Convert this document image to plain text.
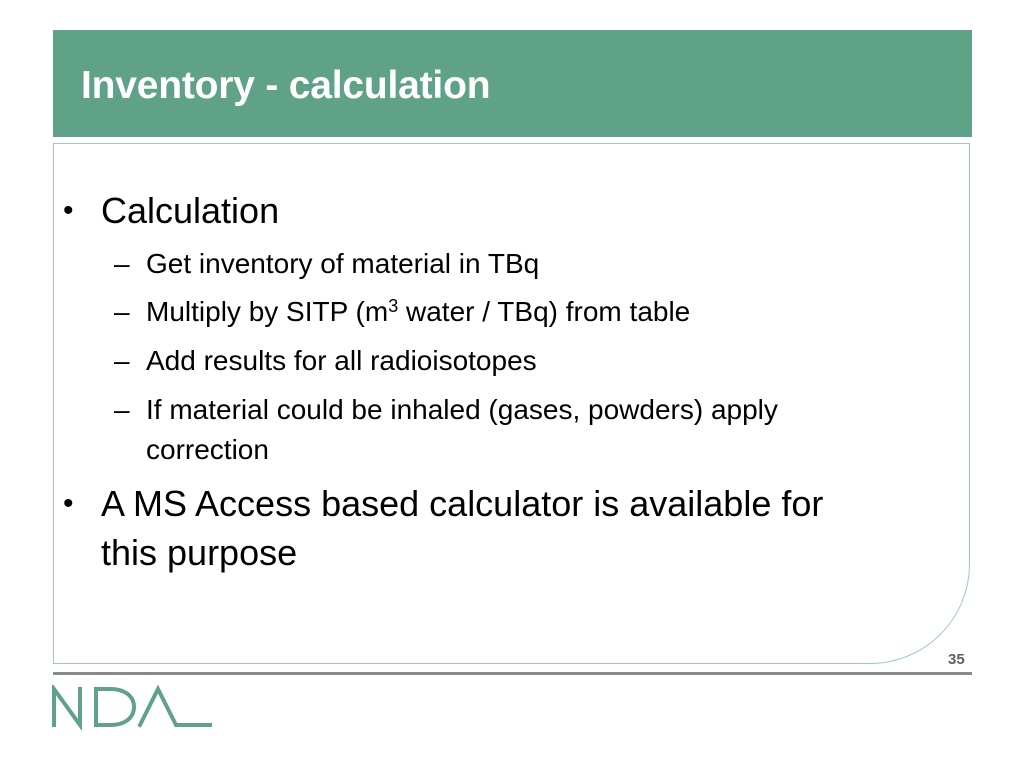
Inventory - calculation
• Calculation
– Get inventory of material in TBq
– Multiply by SITP ($m^3$ water / TBq) from table
– Add results for all radioisotopes
– If material could be inhaled (gases, powders) apply
correction
• A MS Access based calculator is available for
this purpose
35
